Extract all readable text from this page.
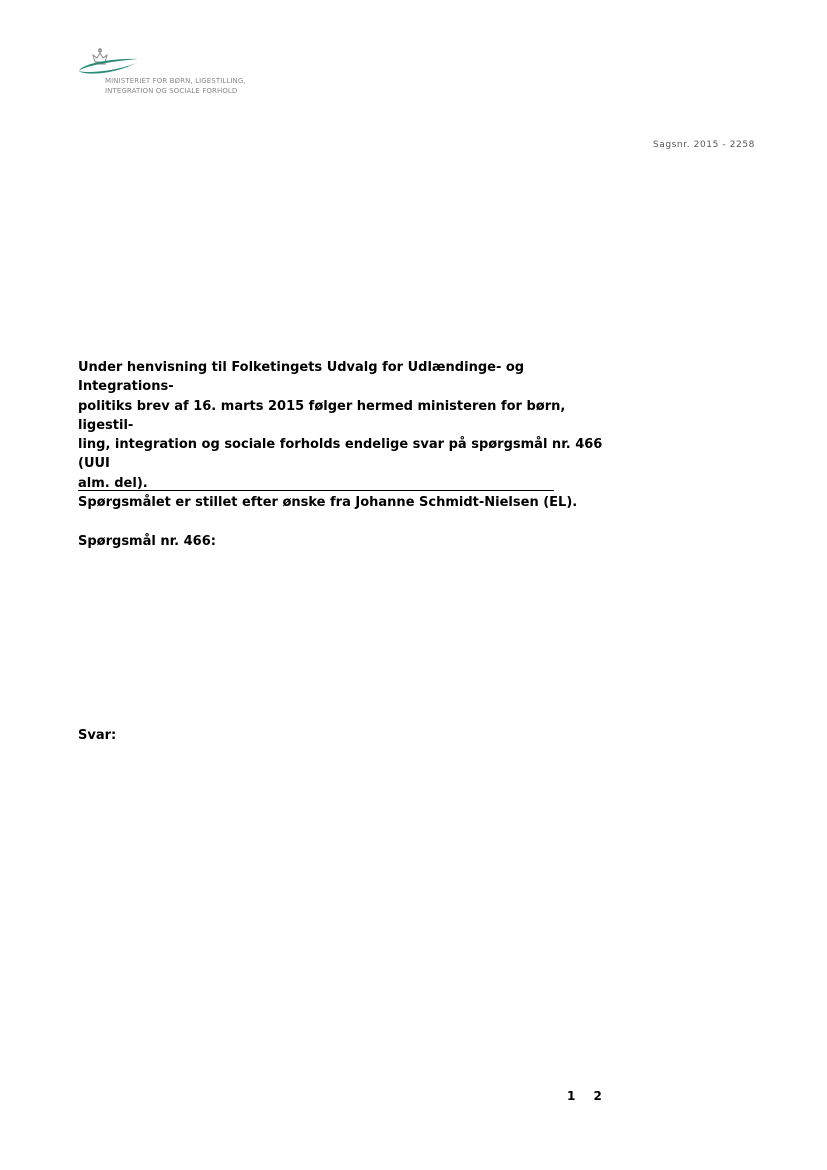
MINISTERIET FOR BØRN, LIGESTILLING,
INTEGRATION OG SOCIALE FORHOLD
Sagsnr. 2015 - 2258

Under henvisning til Folketingets Udvalg for Udlændinge- og Integrations-

politiks brev af 16. marts 2015 følger hermed ministeren for børn, ligestil-

ling, integration og sociale forholds endelige svar på spørgsmål nr. 466 (UUI

alm. del).

Spørgsmålet er stillet efter ønske fra Johanne Schmidt-Nielsen (EL).

Spørgsmål nr. 466:

Svar:

1 2
